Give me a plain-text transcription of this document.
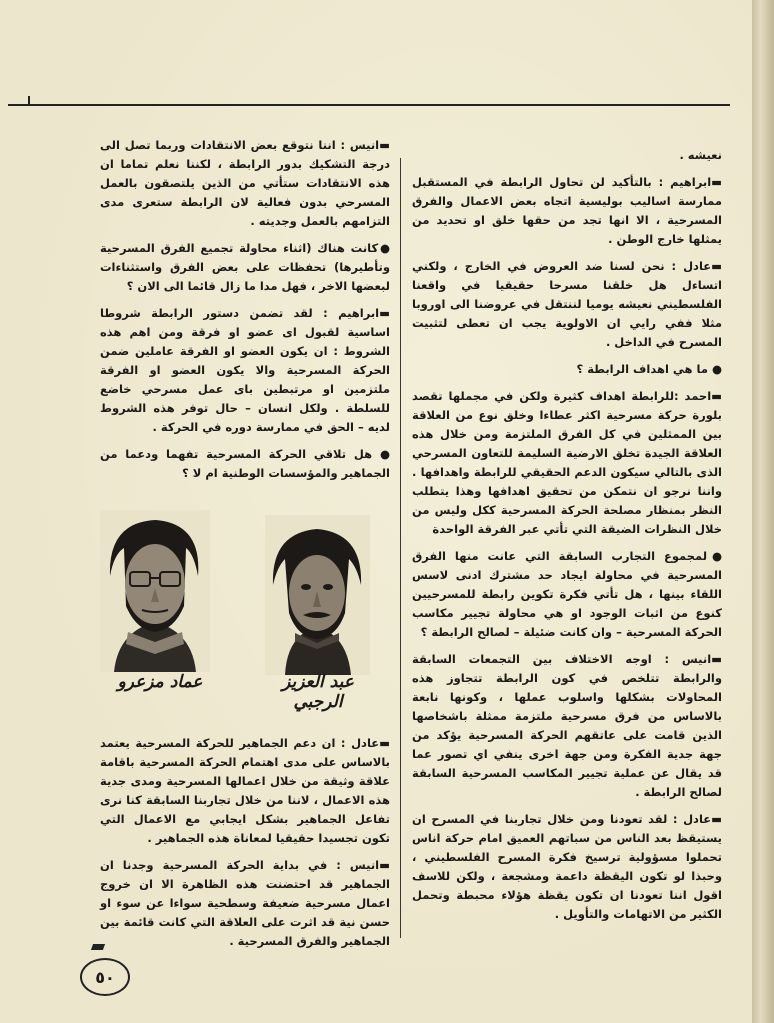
نعيشه .

▬ابراهيم : بالتأكيد لن تحاول الرابطة في المستقبل ممارسة اساليب بوليسية اتجاه بعض الاعمال والفرق المسرحية ، الا انها تجد من حقها خلق او تحديد من يمثلها خارج الوطن .

▬عادل : نحن لسنا ضد العروض في الخارج ، ولكني اتساءل هل خلقنا مسرحا حقيقيا في واقعنا الفلسطيني نعيشه يوميا لننتقل في عروضنا الى اوروبا مثلا ففي رايي ان الاولوية يجب ان تعطى لتثبيت المسرح في الداخل .

● ما هي اهداف الرابطة ؟

▬احمد :للرابطة اهداف كثيرة ولكن في مجملها تقصد بلورة حركة مسرحية اكثر عطاءا وخلق نوع من العلاقة بين الممثلين في كل الفرق الملتزمة ومن خلال هذه العلاقة الجيدة تخلق الارضية السليمة للتعاون المسرحي الذى بالتالي سيكون الدعم الحقيقي للرابطة واهدافها . واننا نرجو ان نتمكن من تحقيق اهدافها وهذا يتطلب النظر بمنظار مصلحة الحركة المسرحية ككل وليس من خلال النظرات الضيقة التي تأتي عبر الفرقة الواحدة

●لمجموع التجارب السابقة التي عانت منها الفرق المسرحية في محاولة ايجاد حد مشترك ادنى لاسس اللقاء بينها ، هل تأتي فكرة تكوين رابطة للمسرحيين كنوع من اثبات الوجود او هي محاولة تجيير مكاسب الحركة المسرحية – وان كانت ضئيلة – لصالح الرابطة ؟

▬انيس : اوجه الاختلاف بين التجمعات السابقة والرابطة تتلخص في كون الرابطة تتجاوز هذه المحاولات بشكلها واسلوب عملها ، وكونها نابعة بالاساس من فرق مسرحية ملتزمة ممثلة باشخاصها الذين قامت على عاتقهم الحركة المسرحية يؤكد من جهة جدية الفكرة ومن جهة اخرى ينفي اي تصور عما قد يقال عن عملية تجيير المكاسب المسرحية السابقة لصالح الرابطة .

▬عادل : لقد تعودنا ومن خلال تجاربنا في المسرح ان يستيقظ بعد الناس من سباتهم العميق امام حركة اناس تحملوا مسؤولية ترسيخ فكرة المسرح الفلسطيني ، وحبذا لو تكون اليقظة داعمة ومشجعة ، ولكن للاسف اقول اننا تعودنا ان تكون يقظة هؤلاء محبطة وتحمل الكثير من الاتهامات والتأويل .

▬انيس : اننا نتوقع بعض الانتقادات وربما تصل الى درجة التشكيك بدور الرابطة ، لكننا نعلم تماما ان هذه الانتقادات ستأتي من الذين يلتصقون بالعمل المسرحي بدون فعالية لان الرابطة ستعرى مدى التزامهم بالعمل وجديته .

●كانت هناك (اثناء محاولة تجميع الفرق المسرحية وتأطيرها) تحفظات على بعض الفرق واستثناءات لبعضها الاخر ، فهل مدا ما زال قائما الى الان ؟

▬ابراهيم : لقد تضمن دستور الرابطة شروطا اساسية لقبول اى عضو او فرقة ومن اهم هذه الشروط : ان يكون العضو او الفرقة عاملين ضمن الحركة المسرحية والا يكون العضو او الفرقة ملتزمين او مرتبطين باى عمل مسرحي خاضع للسلطة . ولكل انسان – حال توفر هذه الشروط لديه – الحق في ممارسة دوره في الحركة .

● هل تلاقي الحركة المسرحية تفهما ودعما من الجماهير والمؤسسات الوطنية ام لا ؟

عبد العزيز الرجبي
عماد مزعرو

▬عادل : ان دعم الجماهير للحركة المسرحية يعتمد بالاساس على مدى اهتمام الحركة المسرحية باقامة علاقة وثيقة من خلال اعمالها المسرحية ومدى جدية هذه الاعمال ، لاننا من خلال تجاربنا السابقة كنا نرى تفاعل الجماهير بشكل ايجابي مع الاعمال التي تكون تجسيدا حقيقيا لمعاناة هذه الجماهير .

▬انيس : في بداية الحركة المسرحية وجدنا ان الجماهير قد احتضنت هذه الظاهرة الا ان خروج اعمال مسرحية ضعيفة وسطحية سواءا عن سوء او حسن نية قد اثرت على العلاقة التي كانت قائمة بين الجماهير والفرق المسرحية .

٥٠
